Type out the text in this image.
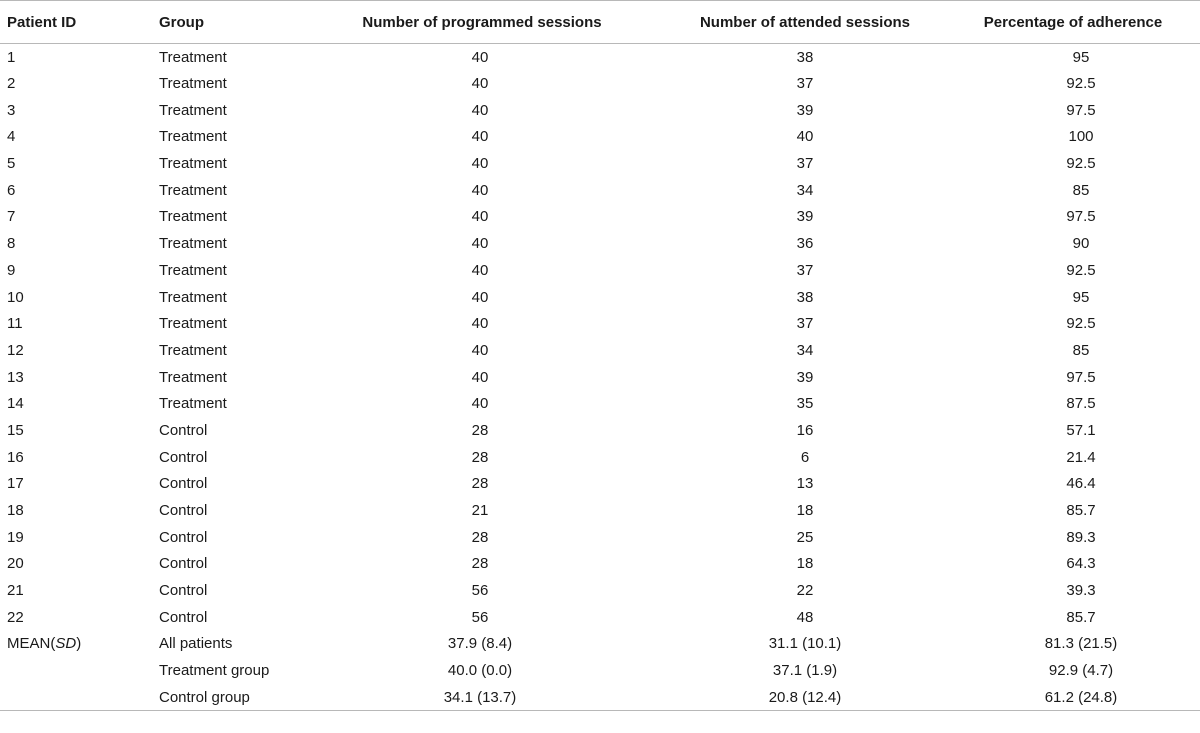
Patient ID	Group	Number of programmed sessions	Number of attended sessions	Percentage of adherence
1	Treatment	40	38	95
2	Treatment	40	37	92.5
3	Treatment	40	39	97.5
4	Treatment	40	40	100
5	Treatment	40	37	92.5
6	Treatment	40	34	85
7	Treatment	40	39	97.5
8	Treatment	40	36	90
9	Treatment	40	37	92.5
10	Treatment	40	38	95
11	Treatment	40	37	92.5
12	Treatment	40	34	85
13	Treatment	40	39	97.5
14	Treatment	40	35	87.5
15	Control	28	16	57.1
16	Control	28	6	21.4
17	Control	28	13	46.4
18	Control	21	18	85.7
19	Control	28	25	89.3
20	Control	28	18	64.3
21	Control	56	22	39.3
22	Control	56	48	85.7
MEAN(SD)	All patients	37.9 (8.4)	31.1 (10.1)	81.3 (21.5)
	Treatment group	40.0 (0.0)	37.1 (1.9)	92.9 (4.7)
	Control group	34.1 (13.7)	20.8 (12.4)	61.2 (24.8)
